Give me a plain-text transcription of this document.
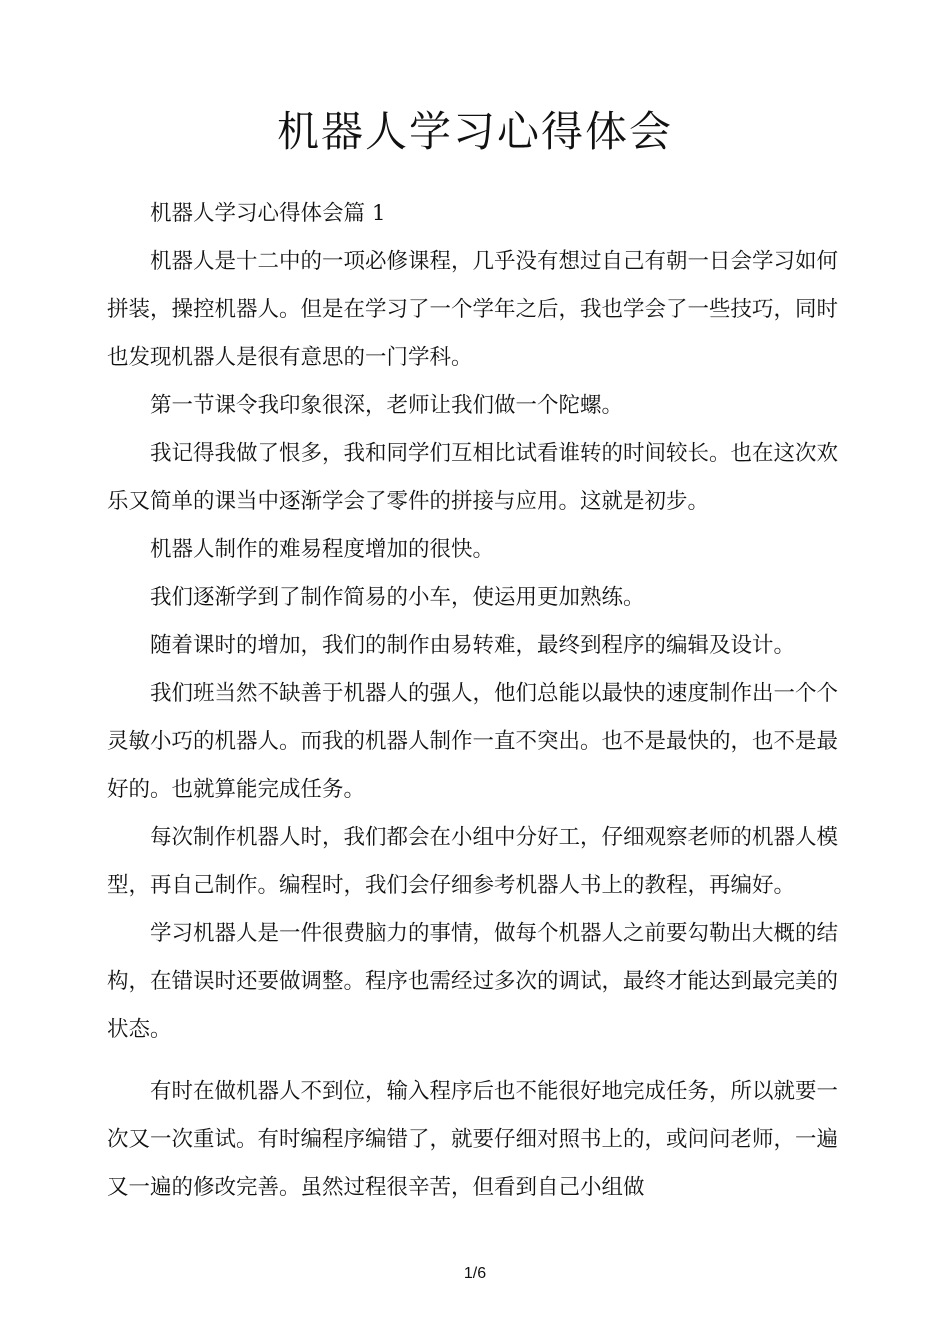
机器人学习心得体会

机器人学习心得体会篇 1

机器人是十二中的一项必修课程，几乎没有想过自己有朝一日会学习如何拼装，操控机器人。但是在学习了一个学年之后，我也学会了一些技巧，同时也发现机器人是很有意思的一门学科。

第一节课令我印象很深，老师让我们做一个陀螺。

我记得我做了恨多，我和同学们互相比试看谁转的时间较长。也在这次欢乐又简单的课当中逐渐学会了零件的拼接与应用。这就是初步。

机器人制作的难易程度增加的很快。

我们逐渐学到了制作简易的小车，使运用更加熟练。

随着课时的增加，我们的制作由易转难，最终到程序的编辑及设计。

我们班当然不缺善于机器人的强人，他们总能以最快的速度制作出一个个灵敏小巧的机器人。而我的机器人制作一直不突出。也不是最快的，也不是最好的。也就算能完成任务。

每次制作机器人时，我们都会在小组中分好工，仔细观察老师的机器人模型，再自己制作。编程时，我们会仔细参考机器人书上的教程，再编好。

学习机器人是一件很费脑力的事情，做每个机器人之前要勾勒出大概的结构，在错误时还要做调整。程序也需经过多次的调试，最终才能达到最完美的状态。

有时在做机器人不到位，输入程序后也不能很好地完成任务，所以就要一次又一次重试。有时编程序编错了，就要仔细对照书上的，或问问老师，一遍又一遍的修改完善。虽然过程很辛苦，但看到自己小组做

1/6
